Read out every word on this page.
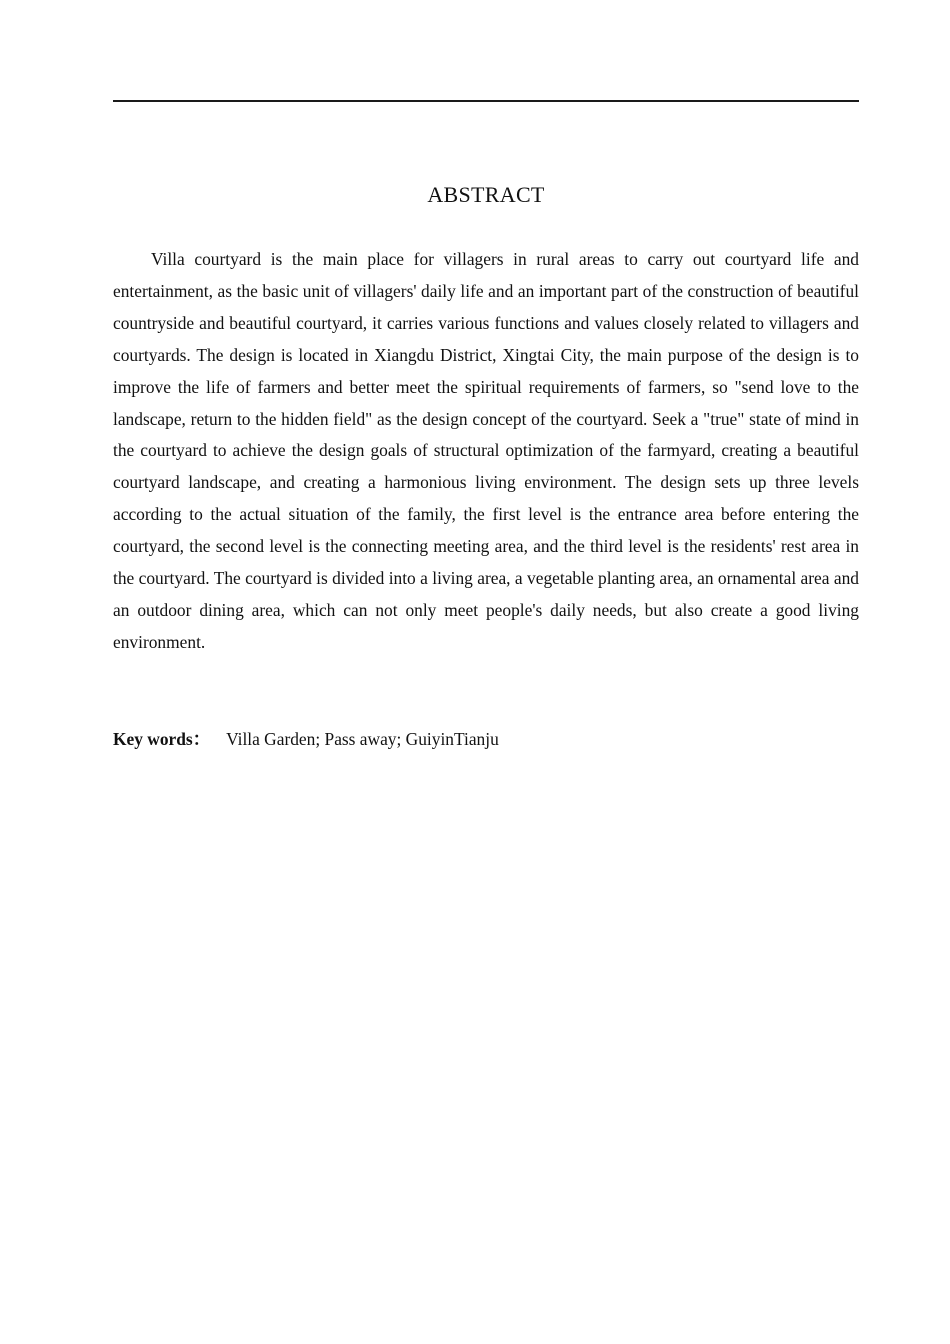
ABSTRACT

Villa courtyard is the main place for villagers in rural areas to carry out courtyard life and entertainment, as the basic unit of villagers' daily life and an important part of the construction of beautiful countryside and beautiful courtyard, it carries various functions and values closely related to villagers and courtyards. The design is located in Xiangdu District, Xingtai City, the main purpose of the design is to improve the life of farmers and better meet the spiritual requirements of farmers, so "send love to the landscape, return to the hidden field" as the design concept of the courtyard. Seek a "true" state of mind in the courtyard to achieve the design goals of structural optimization of the farmyard, creating a beautiful courtyard landscape, and creating a harmonious living environment. The design sets up three levels according to the actual situation of the family, the first level is the entrance area before entering the courtyard, the second level is the connecting meeting area, and the third level is the residents' rest area in the courtyard. The courtyard is divided into a living area, a vegetable planting area, an ornamental area and an outdoor dining area, which can not only meet people's daily needs, but also create a good living environment.

Key words： Villa Garden; Pass away; GuiyinTianju
